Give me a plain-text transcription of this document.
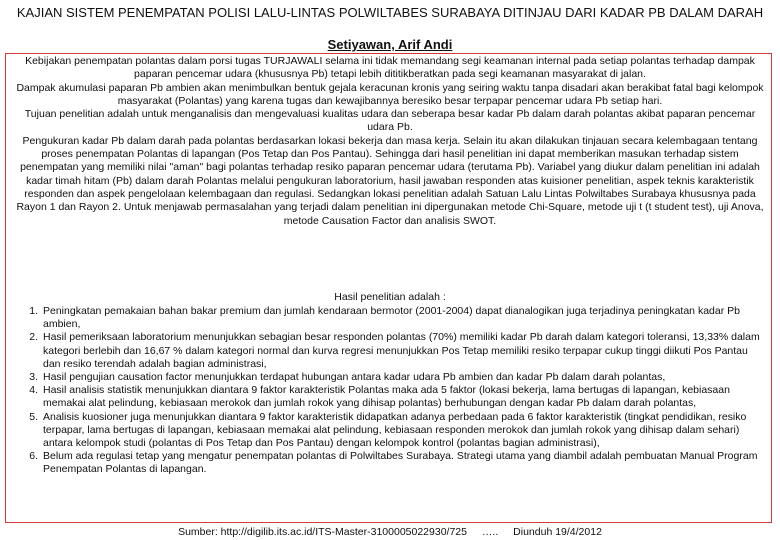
KAJIAN SISTEM PENEMPATAN POLISI LALU-LINTAS POLWILTABES SURABAYA DITINJAU DARI KADAR PB DALAM DARAH
Setiyawan, Arif Andi

Kebijakan penempatan polantas dalam porsi tugas TURJAWALI selama ini tidak memandang segi keamanan internal pada setiap polantas terhadap dampak paparan pencemar udara (khususnya Pb) tetapi lebih dititikberatkan pada segi keamanan masyarakat di jalan.

Dampak akumulasi paparan Pb ambien akan menimbulkan bentuk gejala keracunan kronis yang seiring waktu tanpa disadari akan berakibat fatal bagi kelompok masyarakat (Polantas) yang karena tugas dan kewajibannya beresiko besar terpapar pencemar udara Pb setiap hari.

Tujuan penelitian adalah untuk menganalisis dan mengevaluasi kualitas udara dan seberapa besar kadar Pb dalam darah polantas akibat paparan pencemar udara Pb.

Pengukuran kadar Pb dalam darah pada polantas berdasarkan lokasi bekerja dan masa kerja. Selain itu akan dilakukan tinjauan secara kelembagaan tentang proses penempatan Polantas di lapangan (Pos Tetap dan Pos Pantau). Sehingga dari hasil penelitian ini dapat memberikan masukan terhadap sistem penempatan yang memiliki nilai "aman" bagi polantas terhadap resiko paparan pencemar udara (terutama Pb). Variabel yang diukur dalam penelitian ini adalah kadar timah hitam (Pb) dalam darah Polantas melalui pengukuran laboratorium, hasil jawaban responden atas kuisioner penelitian, aspek teknis karakteristik responden dan aspek pengelolaan kelembagaan dan regulasi. Sedangkan lokasi penelitian adalah Satuan Lalu Lintas Polwiltabes Surabaya khususnya pada Rayon 1 dan Rayon 2. Untuk menjawab permasalahan yang terjadi dalam penelitian ini dipergunakan metode Chi-Square, metode uji t (t student test), uji Anova, metode Causation Factor dan analisis SWOT.

Hasil penelitian adalah :
1. Peningkatan pemakaian bahan bakar premium dan jumlah kendaraan bermotor (2001-2004) dapat dianalogikan juga terjadinya peningkatan kadar Pb ambien,
2. Hasil pemeriksaan laboratorium menunjukkan sebagian besar responden polantas (70%) memiliki kadar Pb darah dalam kategori toleransi, 13,33% dalam kategori berlebih dan 16,67 % dalam kategori normal dan kurva regresi menunjukkan Pos Tetap memiliki resiko terpapar cukup tinggi diikuti Pos Pantau dan resiko terendah adalah bagian administrasi,
3. Hasil pengujian causation factor menunjukkan terdapat hubungan antara kadar udara Pb ambien dan kadar Pb dalam darah polantas,
4. Hasil analisis statistik menunjukkan diantara 9 faktor karakteristik Polantas maka ada 5 faktor (lokasi bekerja, lama bertugas di lapangan, kebiasaan memakai alat pelindung, kebiasaan merokok dan jumlah rokok yang dihisap polantas) berhubungan dengan kadar Pb dalam darah polantas,
5. Analisis kuosioner juga menunjukkan diantara 9 faktor karakteristik didapatkan adanya perbedaan pada 6 faktor karakteristik (tingkat pendidikan, resiko terpapar, lama bertugas di lapangan, kebiasaan memakai alat pelindung, kebiasaan responden merokok dan jumlah rokok yang dihisap dalam sehari) antara kelompok studi (polantas di Pos Tetap dan Pos Pantau) dengan kelompok kontrol (polantas bagian administrasi),
6. Belum ada regulasi tetap yang mengatur penempatan polantas di Polwiltabes Surabaya. Strategi utama yang diambil adalah pembuatan Manual Program Penempatan Polantas di lapangan.
Sumber: http://digilib.its.ac.id/ITS-Master-3100005022930/725 ….. Diunduh 19/4/2012
